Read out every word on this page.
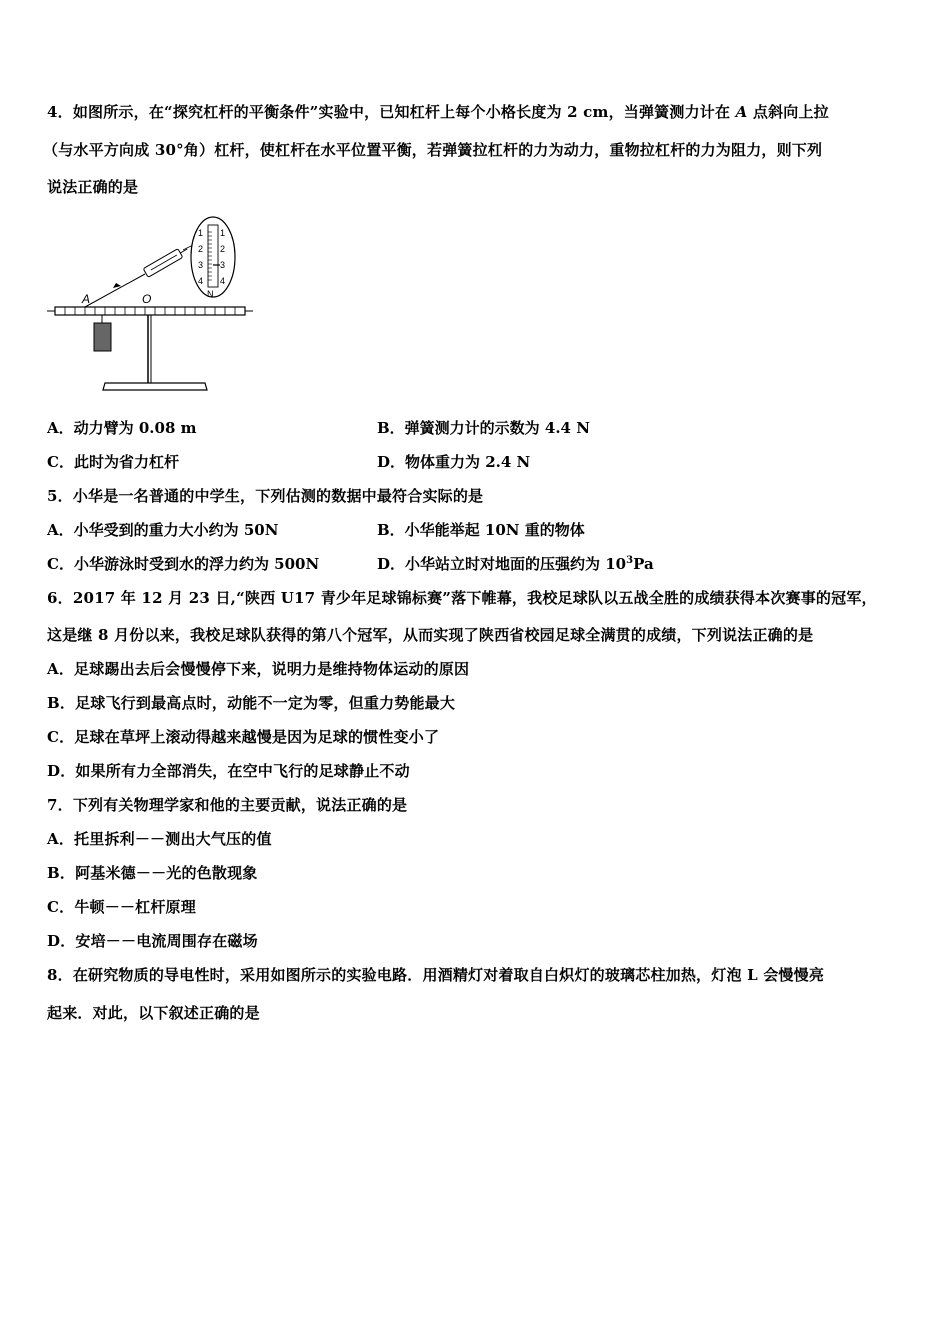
4．如图所示，在“探究杠杆的平衡条件”实验中，已知杠杆上每个小格长度为 2 cm，当弹簧测力计在 A 点斜向上拉
（与水平方向成 30°角）杠杆，使杠杆在水平位置平衡，若弹簧拉杠杆的力为动力，重物拉杠杆的力为阻力，则下列
说法正确的是
1 1
2 2
3 3
4 4
N
A	O
A．动力臂为 0.08 m	B．弹簧测力计的示数为 4.4 N
C．此时为省力杠杆	D．物体重力为 2.4 N
5．小华是一名普通的中学生，下列估测的数据中最符合实际的是
A．小华受到的重力大小约为 50N	B．小华能举起 10N 重的物体
C．小华游泳时受到水的浮力约为 500N	D．小华站立时对地面的压强约为 $10^3Pa$
6．2017 年 12 月 23 日,“陕西 U17 青少年足球锦标赛”落下帷幕，我校足球队以五战全胜的成绩获得本次赛事的冠军，
这是继 8 月份以来，我校足球队获得的第八个冠军，从而实现了陕西省校园足球全满贯的成绩，下列说法正确的是
A．足球踢出去后会慢慢停下来，说明力是维持物体运动的原因
B．足球飞行到最高点时，动能不一定为零，但重力势能最大
C．足球在草坪上滚动得越来越慢是因为足球的惯性变小了
D．如果所有力全部消失，在空中飞行的足球静止不动
7．下列有关物理学家和他的主要贡献，说法正确的是
A．托里拆利－－测出大气压的值
B．阿基米德－－光的色散现象
C．牛顿－－杠杆原理
D．安培－－电流周围存在磁场
8．在研究物质的导电性时，采用如图所示的实验电路．用酒精灯对着取自白炽灯的玻璃芯柱加热，灯泡 L 会慢慢亮
起来．对此，以下叙述正确的是
